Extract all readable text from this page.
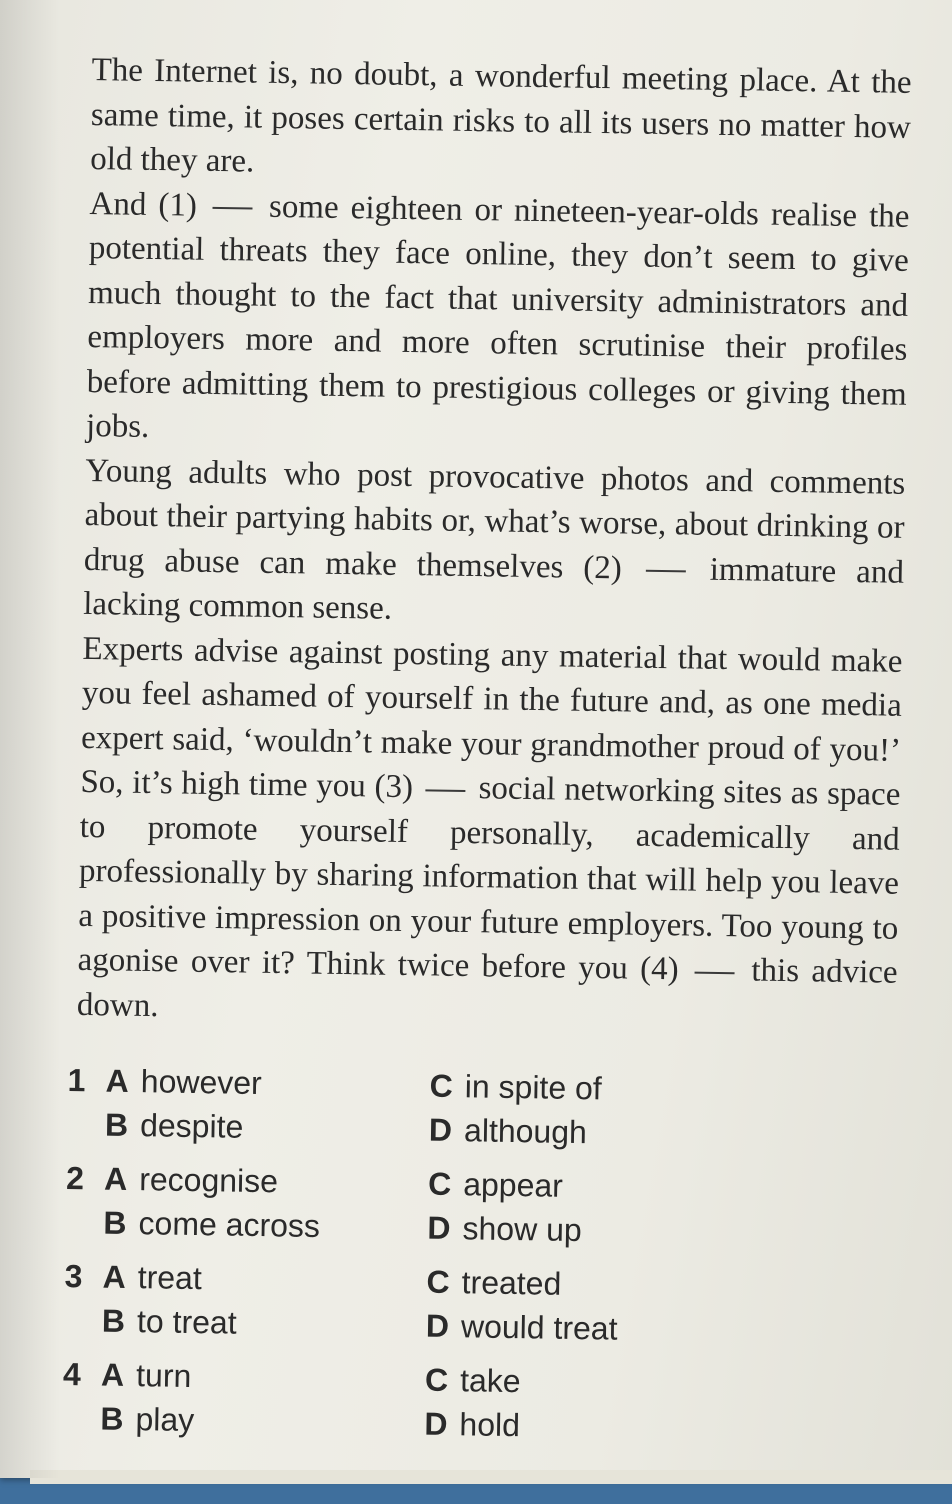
The Internet is, no doubt, a wonderful meeting place. At the same time, it poses certain risks to all its users no matter how old they are.

And (1)  some eighteen or nineteen-year-olds realise the potential threats they face online, they don’t seem to give much thought to the fact that university administrators and employers more and more often scrutinise their profiles before admitting them to prestigious colleges or giving them jobs.

Young adults who post provocative photos and comments about their partying habits or, what’s worse, about drinking or drug abuse can make themselves (2)  immature and lacking common sense.

Experts advise against posting any material that would make you feel ashamed of yourself in the future and, as one media expert said, ‘wouldn’t make your grandmother proud of you!’ So, it’s high time you (3)  social networking sites as space to promote yourself personally, academically and professionally by sharing information that will help you leave a positive impression on your future employers. Too young to agonise over it? Think twice before you (4)  this advice down.

1 A however
B despite
C in spite of
D although
2 A recognise
B come across
C appear
D show up
3 A treat
B to treat
C treated
D would treat
4 A turn
B play
C take
D hold
